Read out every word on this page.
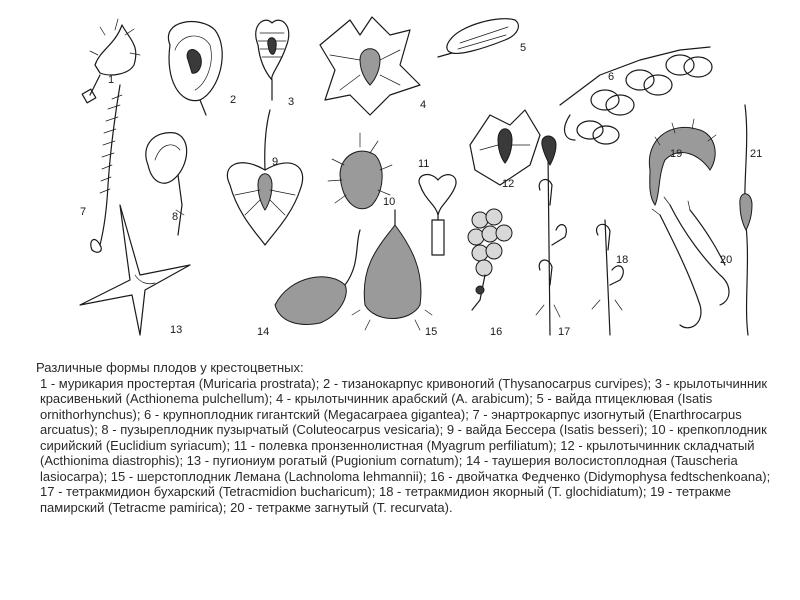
1
2	3	4
5
6
7	8
9
10
11
12
13	14	15	16	17
18
19
20
21
Различные формы плодов у крестоцветных:
1 - мурикария простертая (Muricaria prostrata); 2 - тизанокарпус кривоногий (Thysanocarpus curvipes); 3 - крылотычинник красивенький (Acthionema pulchellum); 4 - крылотычинник арабский (A. arabicum); 5 - вайда птицеклювая (Isatis ornithorhynchus); 6 - крупноплодник гигантский (Megacarpaea gigantea); 7 - энартрокарпус изогнутый (Enarthrocarpus arcuatus); 8 - пузыреплодник пузырчатый (Coluteocarpus vesicaria); 9 - вайда Бессера (Isatis besseri); 10 - крепкоплодник сирийский (Euclidium syriacum); 11 - полевка пронзеннолистная (Myagrum perfiliatum); 12 - крылотычинник складчатый (Acthionima diastrophis); 13 - пугиониум рогатый (Pugionium cornatum); 14 - таушерия волосистоплодная (Tauscheria lasiocarpa); 15 - шерстоплодник Лемана (Lachnoloma lehmannii); 16 - двойчатка Федченко (Didymophysa fedtschenkoana); 17 - тетракмидион бухарский (Tetracmidion bucharicum); 18 - тетракмидион якорный (T. glochidiatum); 19 - тетракме памирский (Tetracme pamirica); 20 - тетракме загнутый (T. recurvata).
